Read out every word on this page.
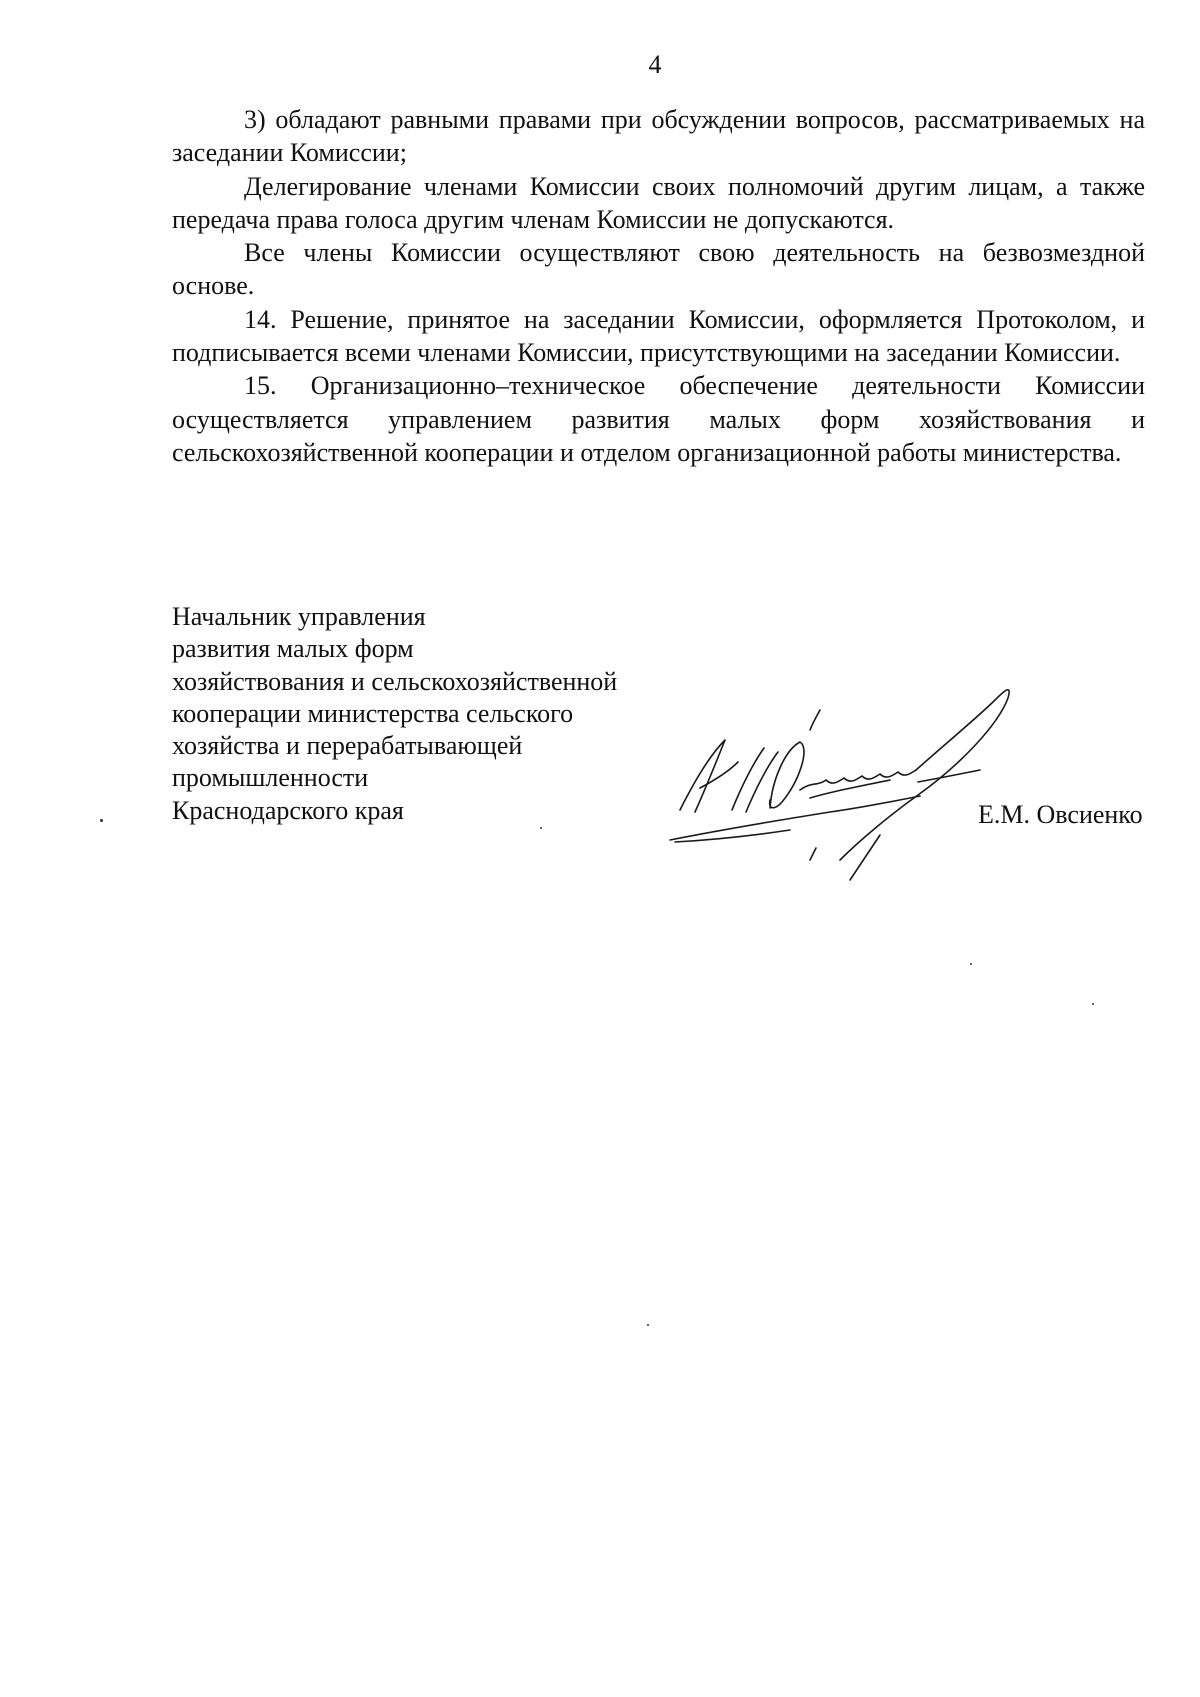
4

3) обладают равными правами при обсуждении вопросов, рассматриваемых на заседании Комиссии;

Делегирование членами Комиссии своих полномочий другим лицам, а также передача права голоса другим членам Комиссии не допускаются.

Все члены Комиссии осуществляют свою деятельность на безвозмездной основе.

14. Решение, принятое на заседании Комиссии, оформляется Протоколом, и подписывается всеми членами Комиссии, присутствующими на заседании Комиссии.

15. Организационно–техническое обеспечение деятельности Комиссии осуществляется управлением развития малых форм хозяйствования и сельскохозяйственной кооперации и отделом организационной работы министерства.

Начальник управления
развития малых форм
хозяйствования и сельскохозяйственной
кооперации министерства сельского
хозяйства и перерабатывающей
промышленности
Краснодарского края	Е.М. Овсиенко
